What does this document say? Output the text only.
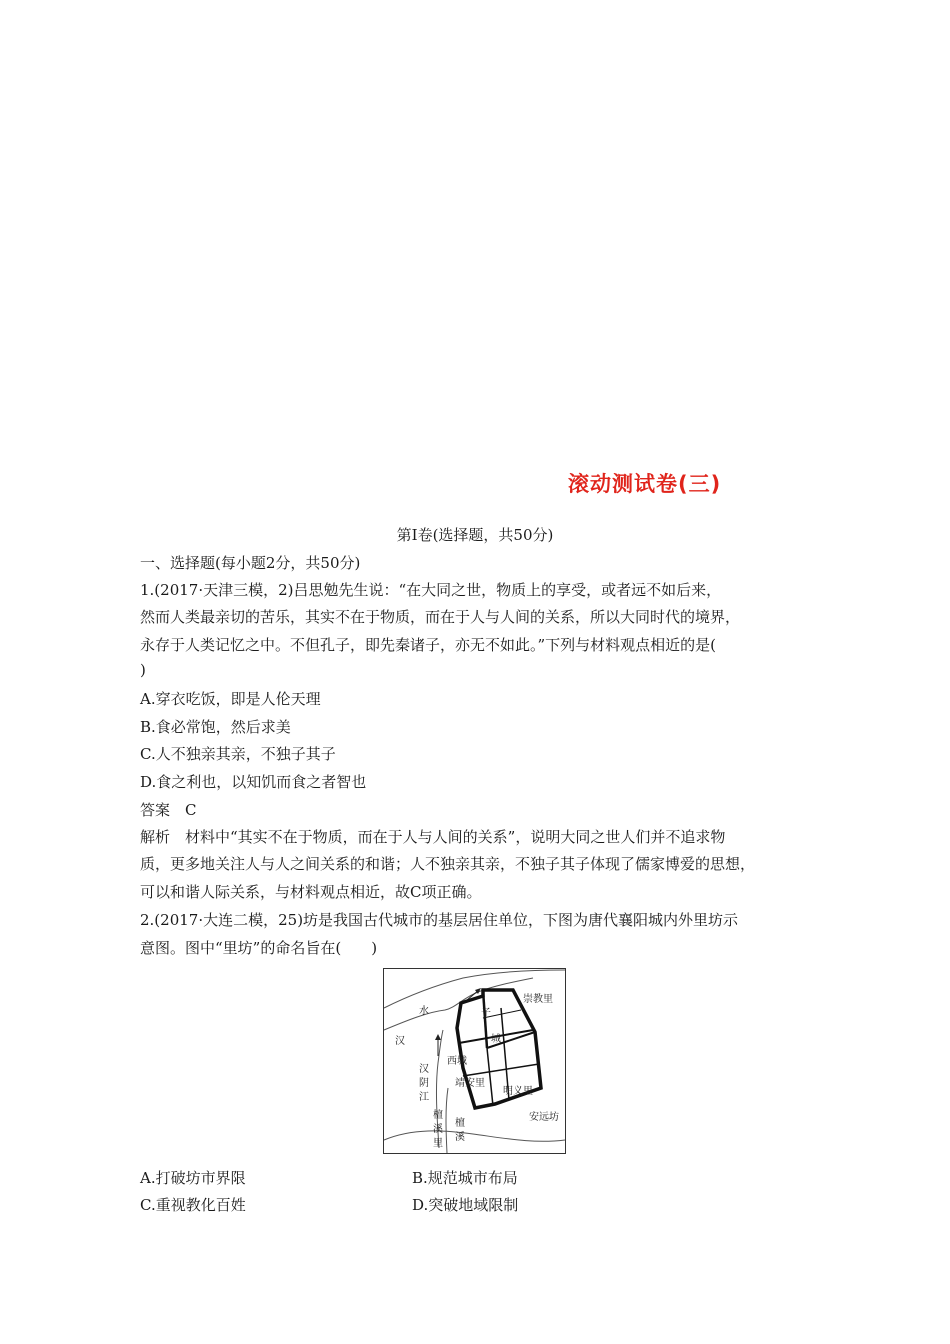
滚动测试卷(三)
第Ⅰ卷(选择题，共50分)
一、选择题(每小题2分，共50分)
1.(2017·天津三模，2)吕思勉先生说：“在大同之世，物质上的享受，或者远不如后来，
然而人类最亲切的苦乐，其实不在于物质，而在于人与人间的关系，所以大同时代的境界，
永存于人类记忆之中。不但孔子，即先秦诸子，亦无不如此。”下列与材料观点相近的是(
)
A.穿衣吃饭，即是人伦天理
B.食必常饱，然后求美
C.人不独亲其亲，不独子其子
D.食之利也，以知饥而食之者智也
答案　C
解析　材料中“其实不在于物质，而在于人与人间的关系”，说明大同之世人们并不追求物
质，更多地关注人与人之间关系的和谐；人不独亲其亲，不独子其子体现了儒家博爱的思想，
可以和谐人际关系，与材料观点相近，故C项正确。
2.(2017·大连二模，25)坊是我国古代城市的基层居住单位，下图为唐代襄阳城内外里坊示
意图。图中“里坊”的命名旨在(　　)
汉
水	子
城
西城
靖安里
明义里
崇教里
汉
阴
江
檀
溪
里
檀
溪
安远坊
A.打破坊市界限	B.规范城市布局
C.重视教化百姓	D.突破地域限制
